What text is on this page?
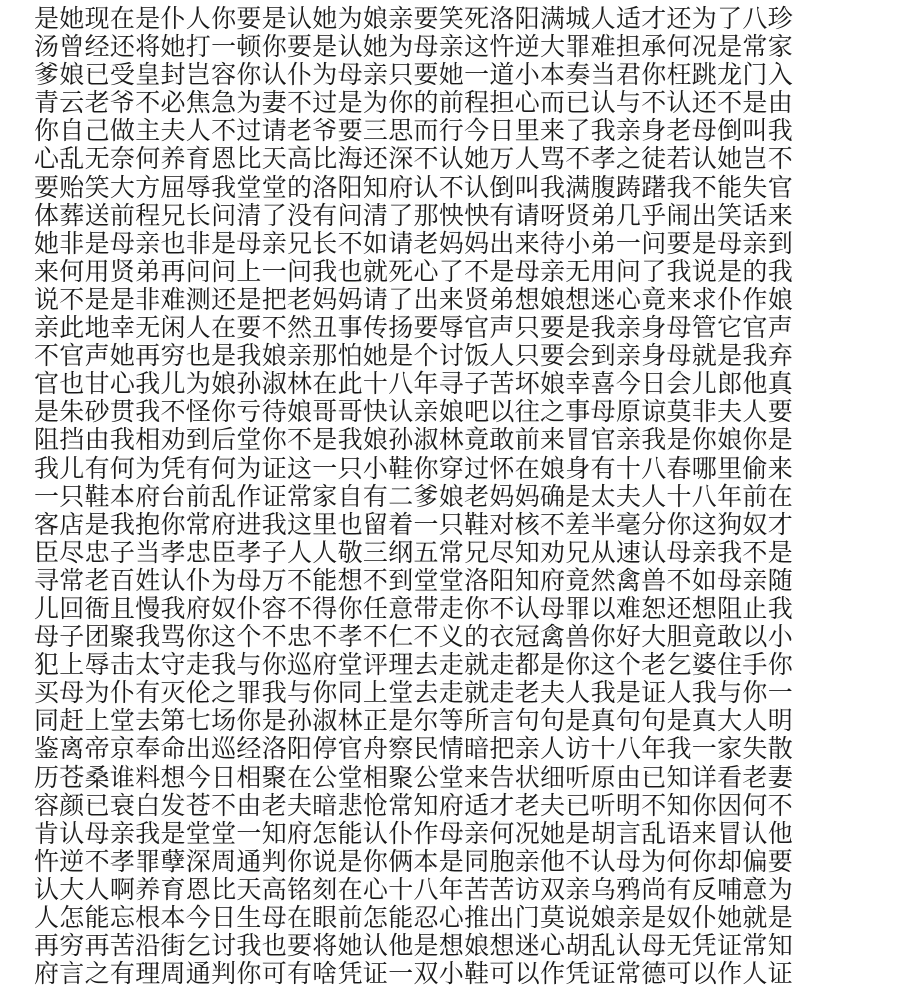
是她现在是仆人你要是认她为娘亲要笑死洛阳满城人适才还为了八珍
汤曾经还将她打一顿你要是认她为母亲这忤逆大罪难担承何况是常家
爹娘已受皇封岂容你认仆为母亲只要她一道小本奏当君你枉跳龙门入
青云老爷不必焦急为妻不过是为你的前程担心而已认与不认还不是由
你自己做主夫人不过请老爷要三思而行今日里来了我亲身老母倒叫我
心乱无奈何养育恩比天高比海还深不认她万人骂不孝之徒若认她岂不
要贻笑大方屈辱我堂堂的洛阳知府认不认倒叫我满腹踌躇我不能失官
体葬送前程兄长问清了没有问清了那怏怏有请呀贤弟几乎闹出笑话来
她非是母亲也非是母亲兄长不如请老妈妈出来待小弟一问要是母亲到
来何用贤弟再问问上一问我也就死心了不是母亲无用问了我说是的我
说不是是非难测还是把老妈妈请了出来贤弟想娘想迷心竟来求仆作娘
亲此地幸无闲人在要不然丑事传扬要辱官声只要是我亲身母管它官声
不官声她再穷也是我娘亲那怕她是个讨饭人只要会到亲身母就是我弃
官也甘心我儿为娘孙淑林在此十八年寻子苦坏娘幸喜今日会儿郎他真
是朱砂贯我不怪你亏待娘哥哥快认亲娘吧以往之事母原谅莫非夫人要
阻挡由我相劝到后堂你不是我娘孙淑林竟敢前来冒官亲我是你娘你是
我儿有何为凭有何为证这一只小鞋你穿过怀在娘身有十八春哪里偷来
一只鞋本府台前乱作证常家自有二爹娘老妈妈确是太夫人十八年前在
客店是我抱你常府进我这里也留着一只鞋对核不差半毫分你这狗奴才
臣尽忠子当孝忠臣孝子人人敬三纲五常兄尽知劝兄从速认母亲我不是
寻常老百姓认仆为母万不能想不到堂堂洛阳知府竟然禽兽不如母亲随
儿回衙且慢我府奴仆容不得你任意带走你不认母罪以难恕还想阻止我
母子团聚我骂你这个不忠不孝不仁不义的衣冠禽兽你好大胆竟敢以小
犯上辱击太守走我与你巡府堂评理去走就走都是你这个老乞婆住手你
买母为仆有灭伦之罪我与你同上堂去走就走老夫人我是证人我与你一
同赶上堂去第七场你是孙淑林正是尔等所言句句是真句句是真大人明
鉴离帝京奉命出巡经洛阳停官舟察民情暗把亲人访十八年我一家失散
历苍桑谁料想今日相聚在公堂相聚公堂来告状细听原由已知详看老妻
容颜已衰白发苍不由老夫暗悲怆常知府适才老夫已听明不知你因何不
肯认母亲我是堂堂一知府怎能认仆作母亲何况她是胡言乱语来冒认他
忤逆不孝罪孽深周通判你说是你俩本是同胞亲他不认母为何你却偏要
认大人啊养育恩比天高铭刻在心十八年苦苦访双亲乌鸦尚有反哺意为
人怎能忘根本今日生母在眼前怎能忍心推出门莫说娘亲是奴仆她就是
再穷再苦沿街乞讨我也要将她认他是想娘想迷心胡乱认母无凭证常知
府言之有理周通判你可有啥凭证一双小鞋可以作凭证常德可以作人证
